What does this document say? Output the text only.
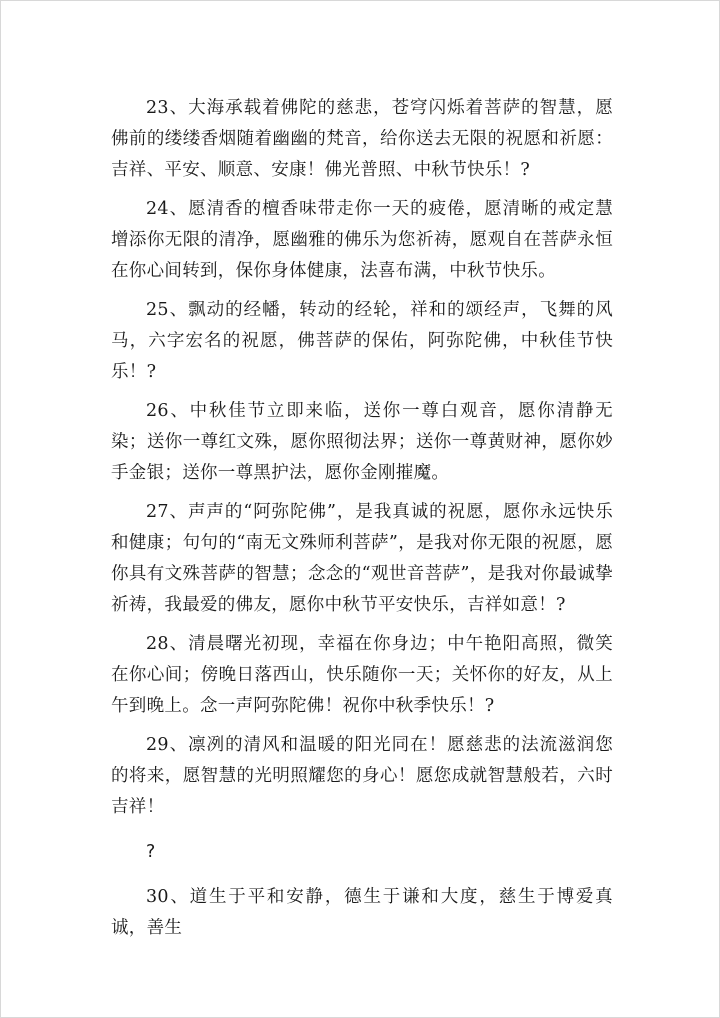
23、大海承载着佛陀的慈悲，苍穹闪烁着菩萨的智慧，愿佛前的缕缕香烟随着幽幽的梵音，给你送去无限的祝愿和祈愿：吉祥、平安、顺意、安康！佛光普照、中秋节快乐！?

24、愿清香的檀香味带走你一天的疲倦，愿清晰的戒定慧增添你无限的清净，愿幽雅的佛乐为您祈祷，愿观自在菩萨永恒在你心间转到，保你身体健康，法喜布满，中秋节快乐。

25、飘动的经幡，转动的经轮，祥和的颂经声，飞舞的风马，六字宏名的祝愿，佛菩萨的保佑，阿弥陀佛，中秋佳节快乐！?

26、中秋佳节立即来临，送你一尊白观音，愿你清静无染；送你一尊红文殊，愿你照彻法界；送你一尊黄财神，愿你妙手金银；送你一尊黑护法，愿你金刚摧魔。

27、声声的“阿弥陀佛”，是我真诚的祝愿，愿你永远快乐和健康；句句的“南无文殊师利菩萨”，是我对你无限的祝愿，愿你具有文殊菩萨的智慧；念念的“观世音菩萨”，是我对你最诚挚祈祷，我最爱的佛友，愿你中秋节平安快乐，吉祥如意！?

28、清晨曙光初现，幸福在你身边；中午艳阳高照，微笑在你心间；傍晚日落西山，快乐随你一天；关怀你的好友，从上午到晚上。念一声阿弥陀佛！祝你中秋季快乐！?

29、凛冽的清风和温暖的阳光同在！愿慈悲的法流滋润您的将来，愿智慧的光明照耀您的身心！愿您成就智慧般若，六时吉祥！

?

30、道生于平和安静，德生于谦和大度，慈生于博爱真诚，善生
